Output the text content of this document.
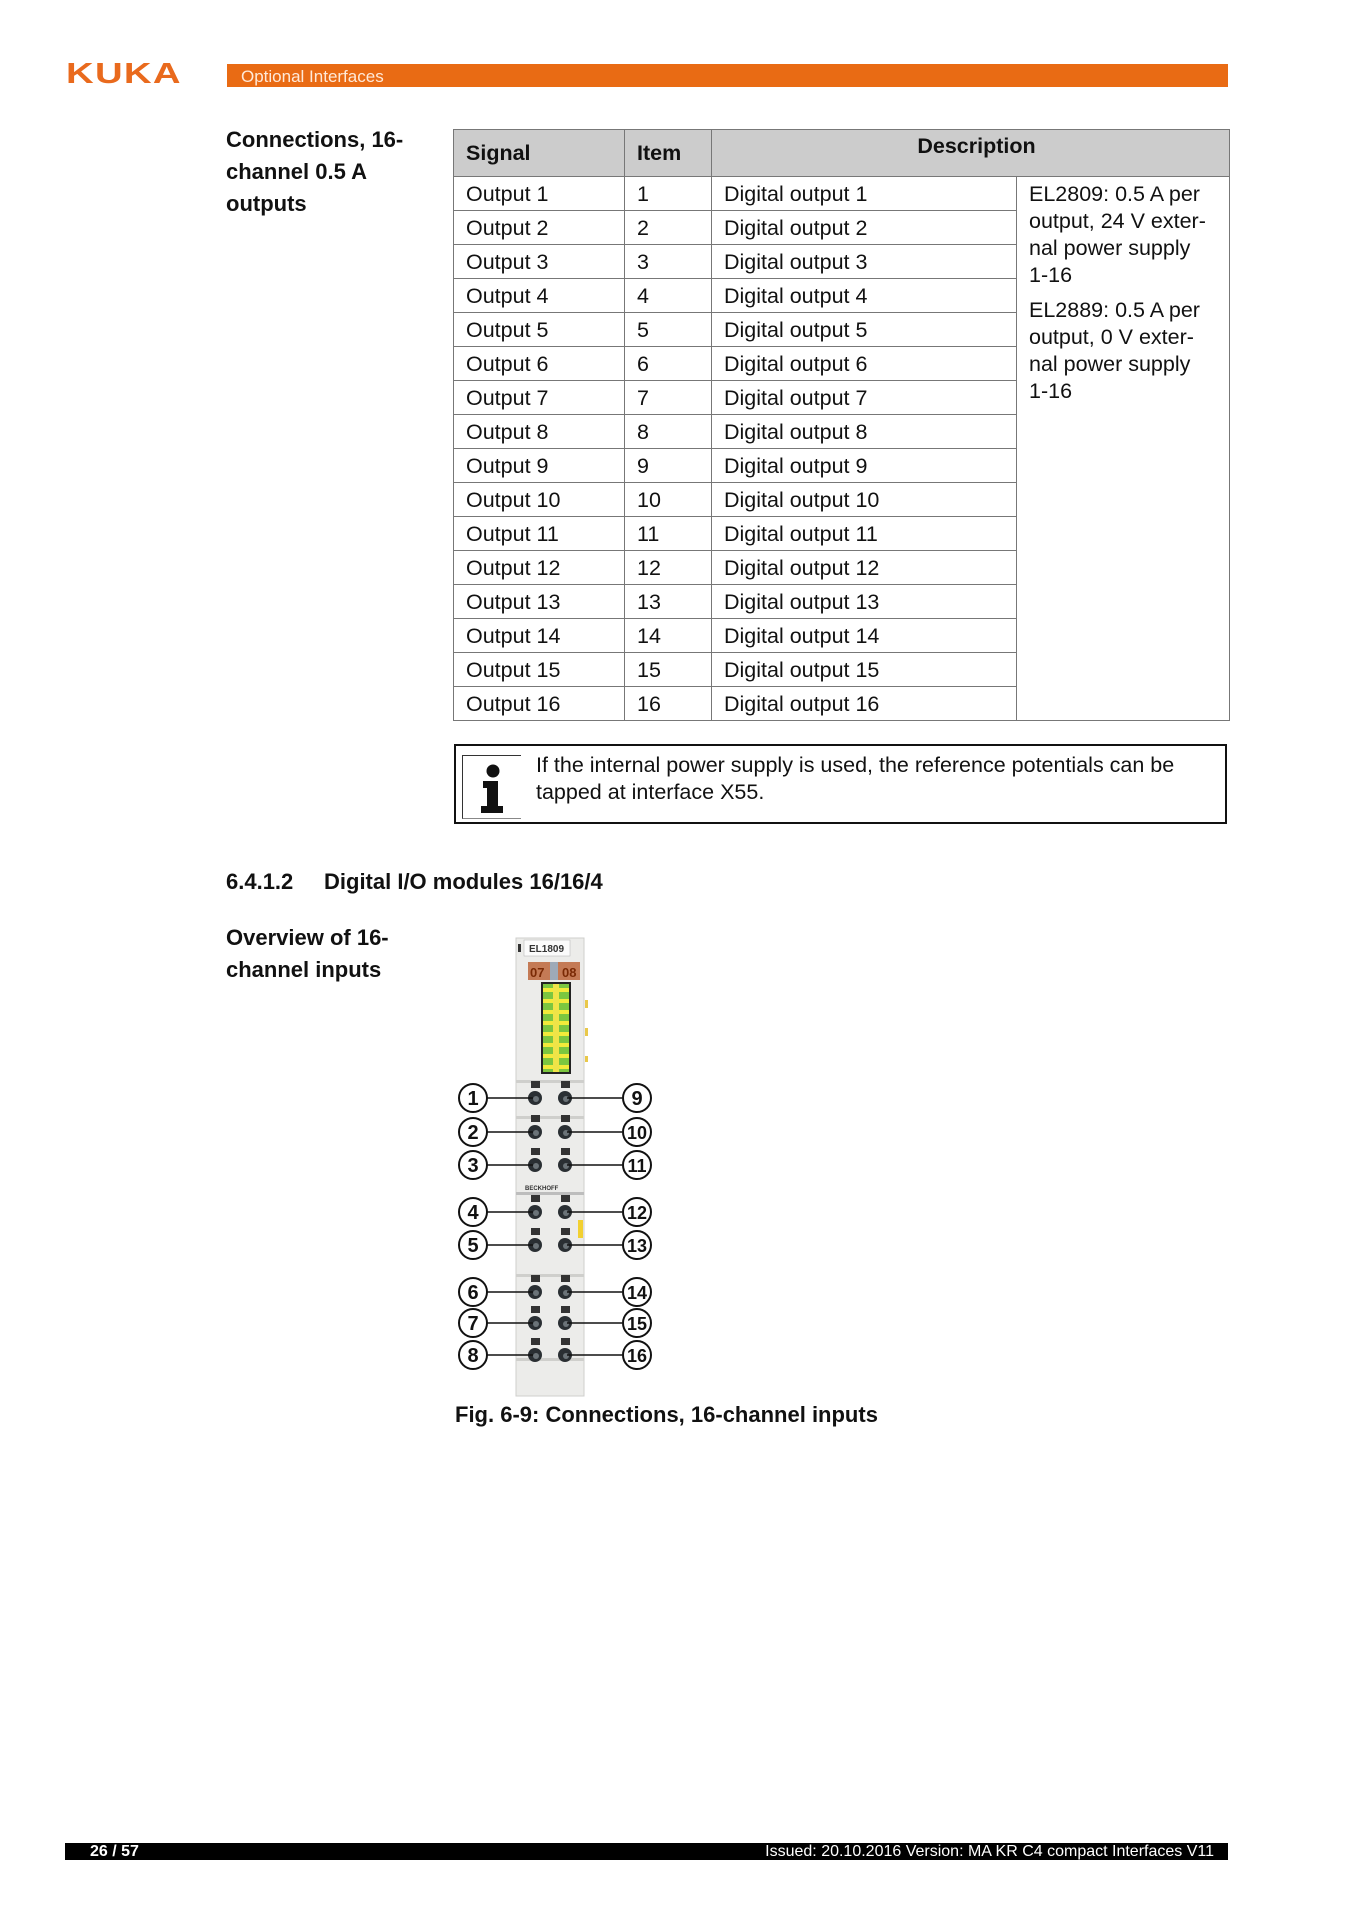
KUKA	Optional Interfaces
Connections, 16-
channel 0.5 A
outputs
Signal	Item	Description	
Output 1	1	Digital output 1	EL2809: 0.5 A per
output, 24 V exter-
nal power supply
1-16
EL2889: 0.5 A per
output, 0 V exter-
nal power supply
1-16

Output 2	2	Digital output 2	
Output 3	3	Digital output 3	
Output 4	4	Digital output 4	
Output 5	5	Digital output 5	
Output 6	6	Digital output 6	
Output 7	7	Digital output 7	
Output 8	8	Digital output 8	
Output 9	9	Digital output 9	
Output 10	10	Digital output 10	
Output 11	11	Digital output 11	
Output 12	12	Digital output 12	
Output 13	13	Digital output 13	
Output 14	14	Digital output 14	
Output 15	15	Digital output 15	
Output 16	16	Digital output 16	
If the internal power supply is used, the reference potentials can be
tapped at interface X55.
6.4.1.2 Digital I/O modules 16/16/4
Overview of 16-
channel inputs
EL1809
07 08
BECKHOFF
1	9
2	10
3	11
4	12
5	13
6	14
7	15
8	16
Fig. 6-9: Connections, 16-channel inputs
26 / 57	Issued: 20.10.2016 Version: MA KR C4 compact Interfaces V11
